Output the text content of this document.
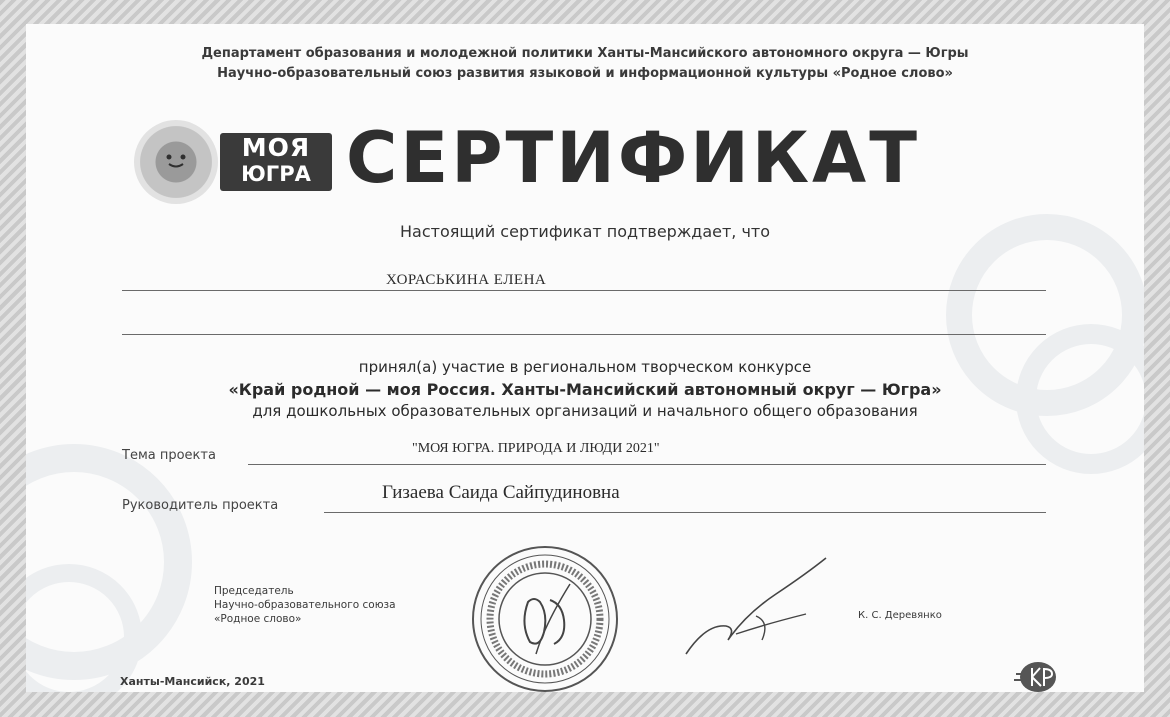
Департамент образования и молодежной политики Ханты-Мансийского автономного округа — Югры
Научно-образовательный союз развития языковой и информационной культуры «Родное слово»
МОЯ
ЮГРА СЕРТИФИКАТ
Настоящий сертификат подтверждает, что
ХОРАСЬКИНА ЕЛЕНА
принял(а) участие в региональном творческом конкурсе
«Край родной — моя Россия. Ханты-Мансийский автономный округ — Югра»
для дошкольных образовательных организаций и начального общего образования
Тема проекта	"МОЯ ЮГРА. ПРИРОДА И ЛЮДИ 2021"
Руководитель проекта
Гизаева Саида Сайпудиновна
Председатель
Научно-образовательного союза
«Родное слово»	К. С. Деревянко
Ханты-Мансийск, 2021
